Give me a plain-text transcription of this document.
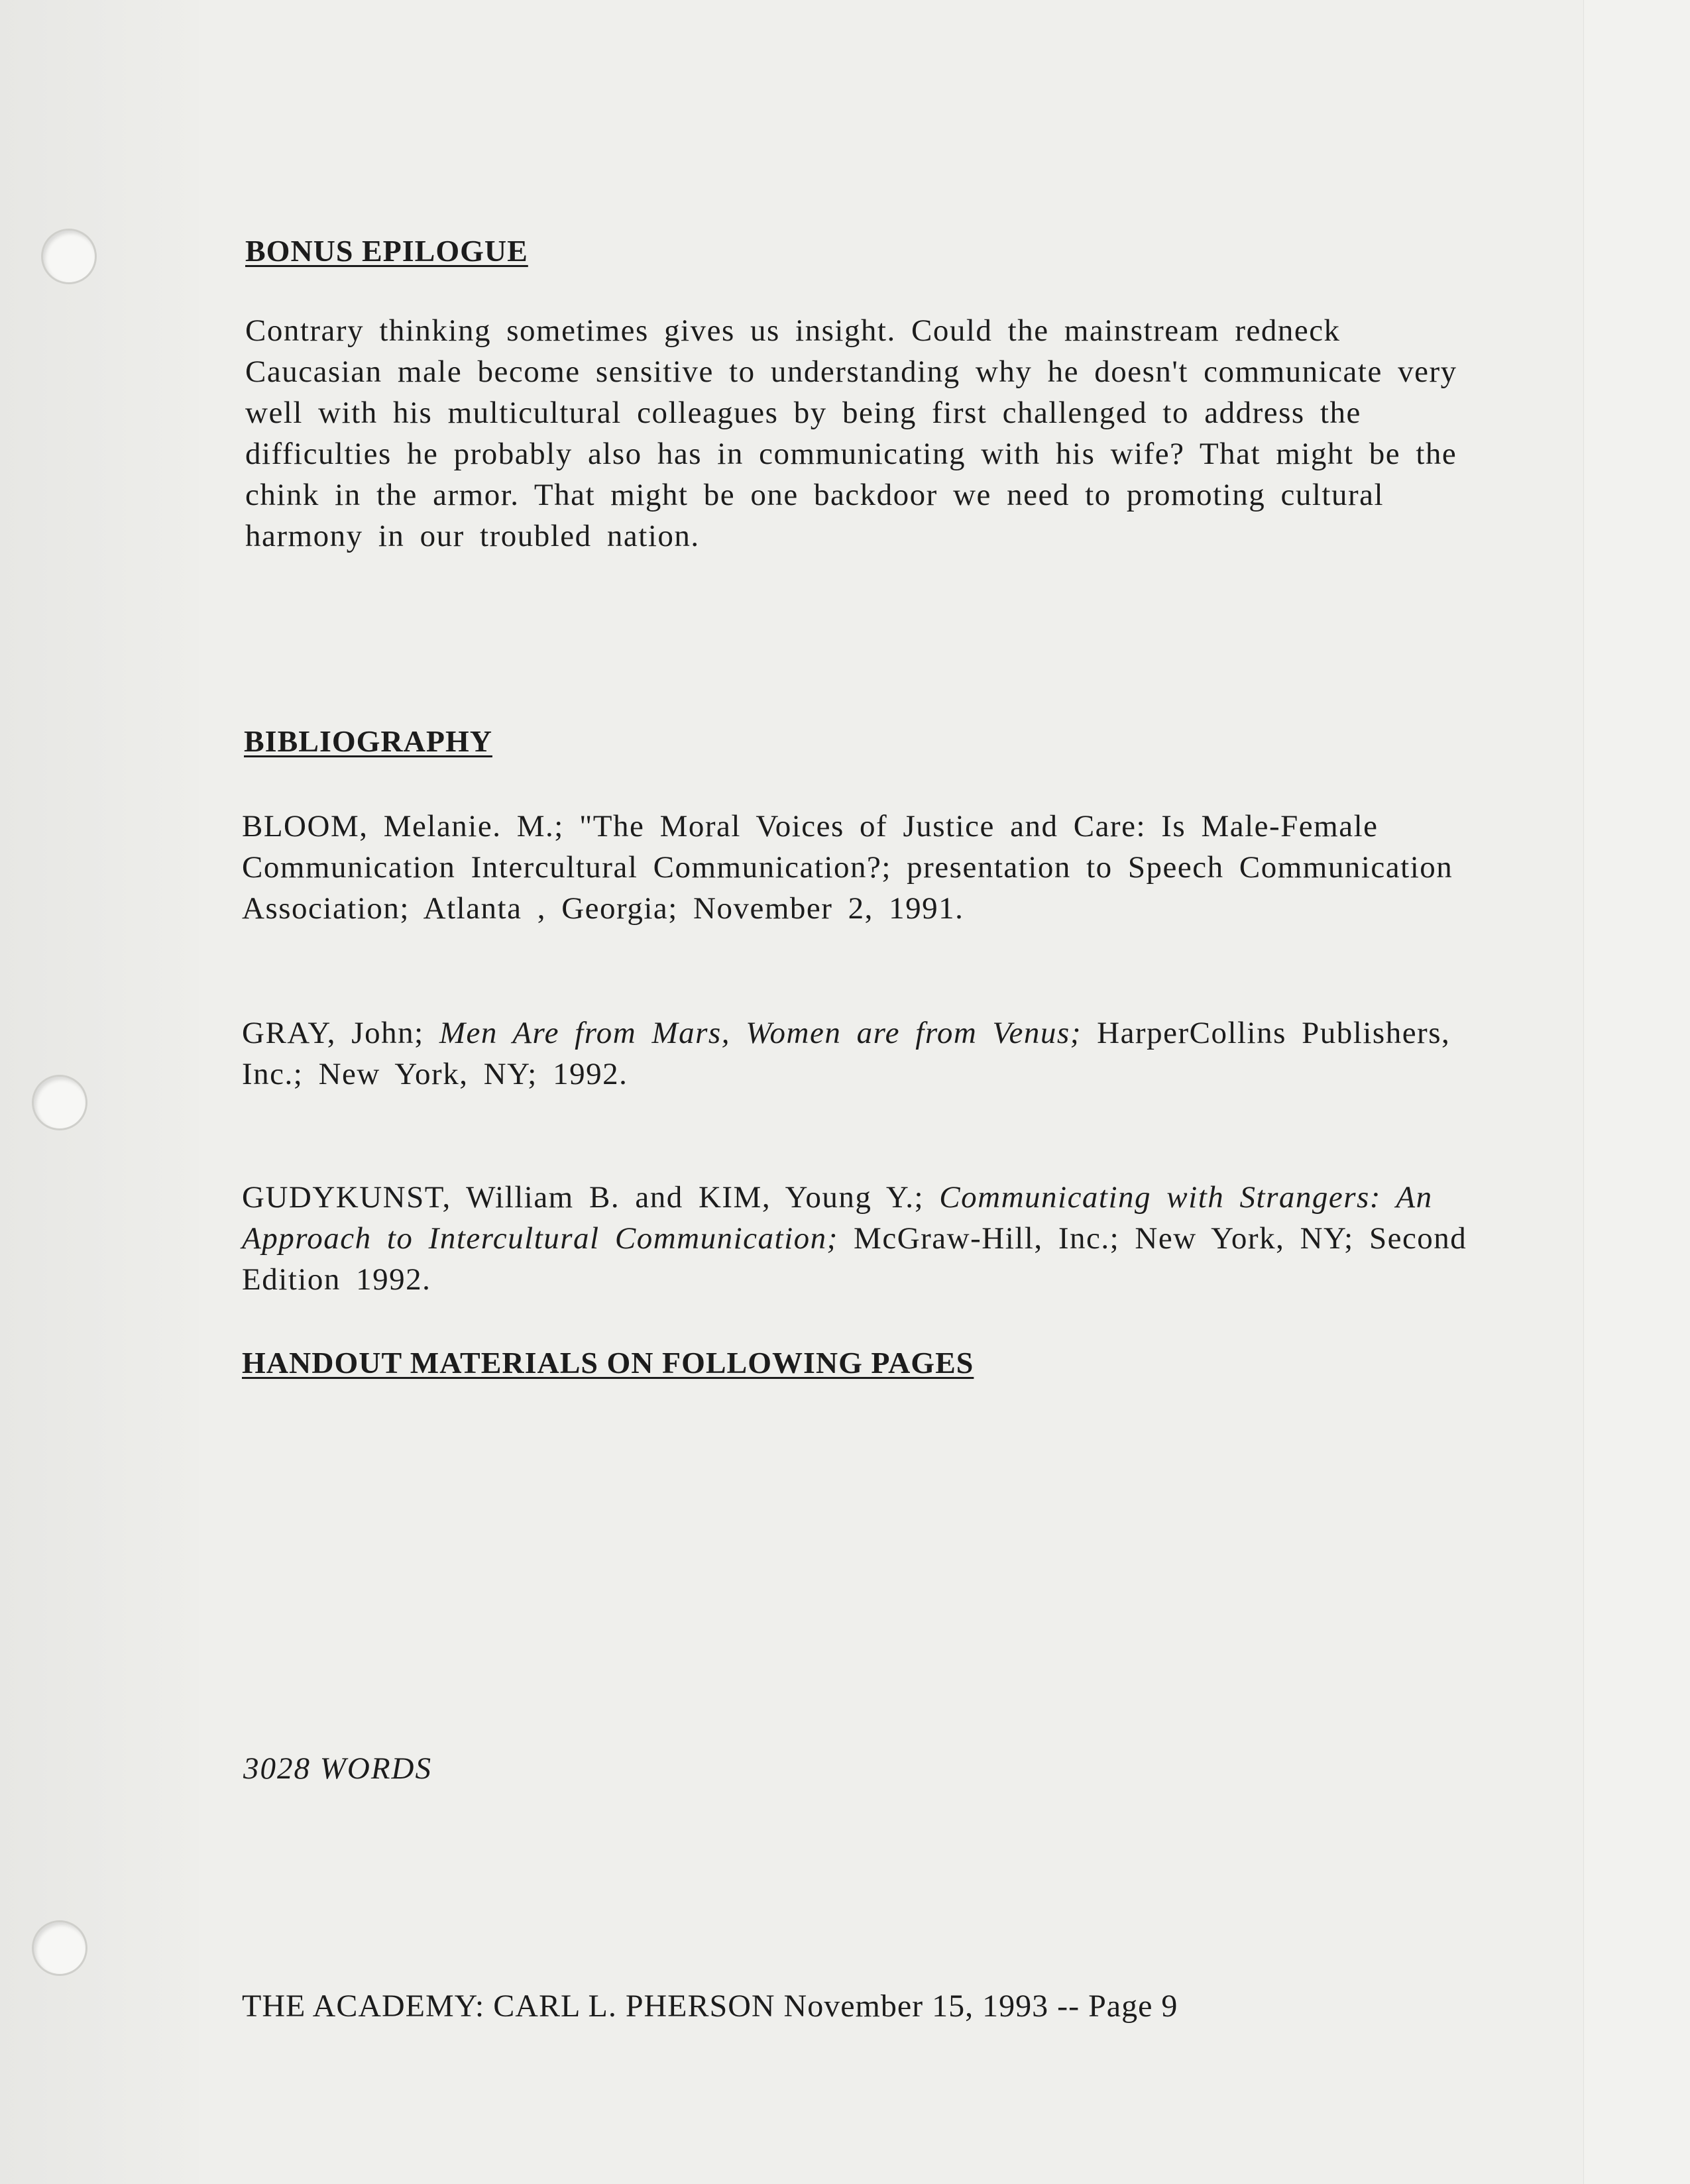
BONUS EPILOGUE

Contrary thinking sometimes gives us insight. Could the mainstream redneck Caucasian male become sensitive to understanding why he doesn't communicate very well with his multicultural colleagues by being first challenged to address the difficulties he probably also has in communicating with his wife? That might be the chink in the armor. That might be one backdoor we need to promoting cultural harmony in our troubled nation.

BIBLIOGRAPHY

BLOOM, Melanie. M.; "The Moral Voices of Justice and Care: Is Male-Female Communication Intercultural Communication?; presentation to Speech Communication Association; Atlanta , Georgia; November 2, 1991.

GRAY, John; Men Are from Mars, Women are from Venus; HarperCollins Publishers, Inc.; New York, NY; 1992.

GUDYKUNST, William B. and KIM, Young Y.; Communicating with Strangers: An Approach to Intercultural Communication; McGraw-Hill, Inc.; New York, NY; Second Edition 1992.

HANDOUT MATERIALS ON FOLLOWING PAGES
3028 WORDS
THE ACADEMY: CARL L. PHERSON November 15, 1993 -- Page 9
